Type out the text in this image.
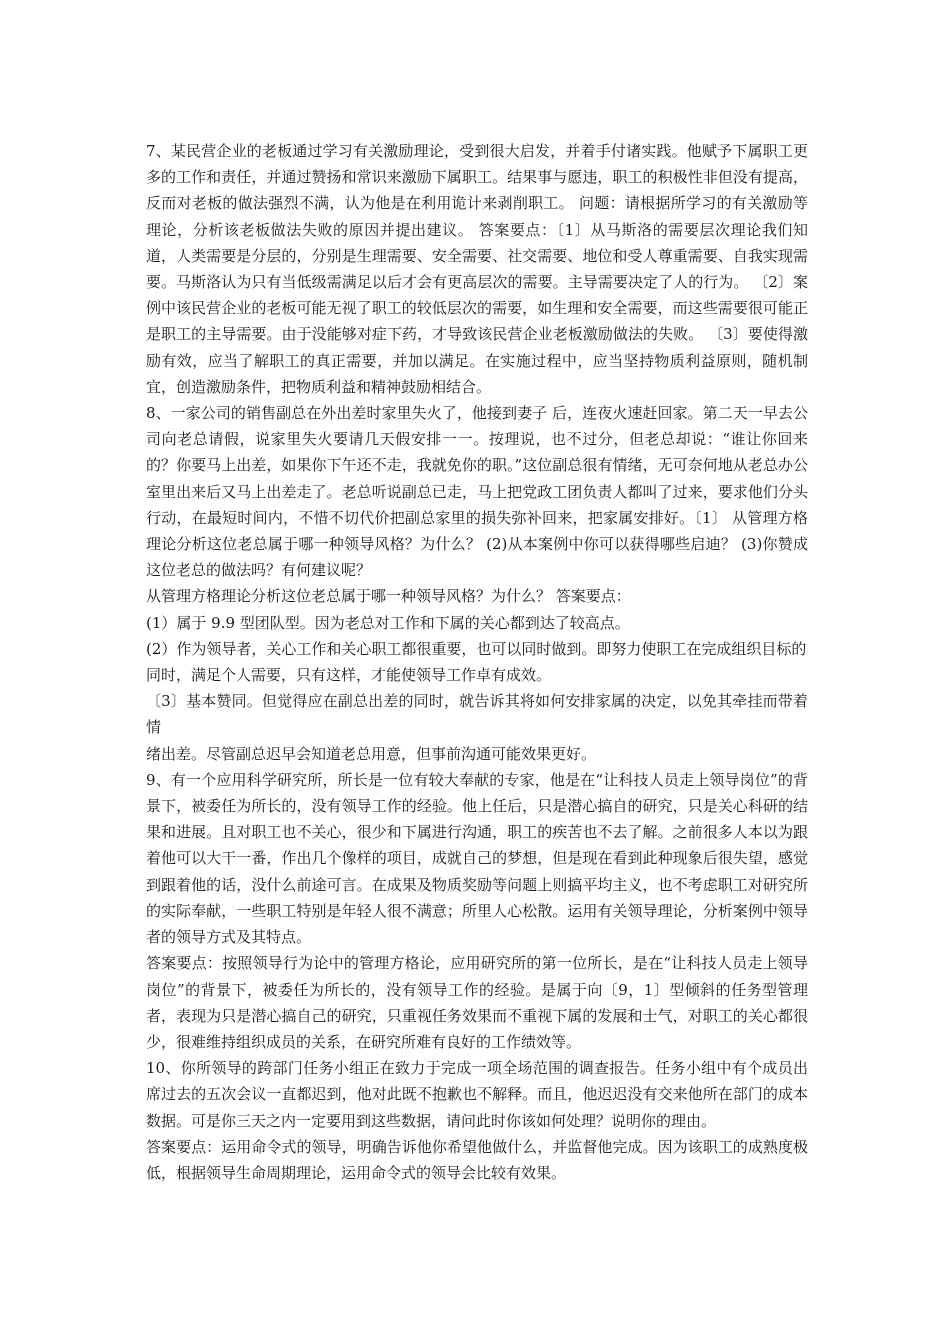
7、某民营企业的老板通过学习有关激励理论，受到很大启发，并着手付诸实践。他赋予下属职工更多的工作和责任，并通过赞扬和常识来激励下属职工。结果事与愿违，职工的积极性非但没有提高，反而对老板的做法强烈不满，认为他是在利用诡计来剥削职工。 问题：请根据所学习的有关激励等理论，分析该老板做法失败的原因并提出建议。 答案要点：〔1〕从马斯洛的需要层次理论我们知道，人类需要是分层的，分别是生理需要、安全需要、社交需要、地位和受人尊重需要、自我实现需要。马斯洛认为只有当低级需满足以后才会有更高层次的需要。主导需要决定了人的行为。 〔2〕案例中该民营企业的老板可能无视了职工的较低层次的需要，如生理和安全需要，而这些需要很可能正是职工的主导需要。由于没能够对症下药，才导致该民营企业老板激励做法的失败。 〔3〕要使得激励有效，应当了解职工的真正需要，并加以满足。在实施过程中，应当坚持物质利益原则，随机制宜，创造激励条件，把物质利益和精神鼓励相结合。

8、一家公司的销售副总在外出差时家里失火了，他接到妻子 后，连夜火速赶回家。第二天一早去公司向老总请假，说家里失火要请几天假安排一一。按理说，也不过分，但老总却说：“谁让你回来的？你要马上出差，如果你下午还不走，我就免你的职。”这位副总很有情绪，无可奈何地从老总办公室里出来后又马上出差走了。老总听说副总已走，马上把党政工团负责人都叫了过来，要求他们分头行动，在最短时间内，不惜不切代价把副总家里的损失弥补回来，把家属安排好。〔1〕 从管理方格理论分析这位老总属于哪一种领导风格？为什么？ (2)从本案例中你可以获得哪些启迪？ (3)你赞成这位老总的做法吗？有何建议呢？

从管理方格理论分析这位老总属于哪一种领导风格？为什么？ 答案要点：

(1）属于 9.9 型团队型。因为老总对工作和下属的关心都到达了较高点。

(2）作为领导者，关心工作和关心职工都很重要，也可以同时做到。即努力使职工在完成组织目标的

同时，满足个人需要，只有这样，才能使领导工作卓有成效。

〔3〕基本赞同。但觉得应在副总出差的同时，就告诉其将如何安排家属的决定，以免其牵挂而带着情

绪出差。尽管副总迟早会知道老总用意，但事前沟通可能效果更好。

9、有一个应用科学研究所，所长是一位有较大奉献的专家，他是在“让科技人员走上领导岗位”的背景下，被委任为所长的，没有领导工作的经验。他上任后，只是潜心搞自的研究，只是关心科研的结果和进展。且对职工也不关心，很少和下属进行沟通，职工的疾苦也不去了解。之前很多人本以为跟着他可以大干一番，作出几个像样的项目，成就自己的梦想，但是现在看到此种现象后很失望，感觉到跟着他的话，没什么前途可言。在成果及物质奖励等问题上则搞平均主义，也不考虑职工对研究所的实际奉献，一些职工特别是年轻人很不满意；所里人心松散。运用有关领导理论，分析案例中领导者的领导方式及其特点。

答案要点：按照领导行为论中的管理方格论，应用研究所的第一位所长，是在“让科技人员走上领导岗位”的背景下，被委任为所长的，没有领导工作的经验。是属于向〔9，1〕型倾斜的任务型管理者，表现为只是潜心搞自己的研究，只重视任务效果而不重视下属的发展和士气，对职工的关心都很少，很难维持组织成员的关系，在研究所难有良好的工作绩效等。

10、你所领导的跨部门任务小组正在致力于完成一项全场范围的调查报告。任务小组中有个成员出席过去的五次会议一直都迟到，他对此既不抱歉也不解释。而且，他迟迟没有交来他所在部门的成本数据。可是你三天之内一定要用到这些数据，请问此时你该如何处理？说明你的理由。

答案要点：运用命令式的领导，明确告诉他你希望他做什么，并监督他完成。因为该职工的成熟度极低，根据领导生命周期理论，运用命令式的领导会比较有效果。
